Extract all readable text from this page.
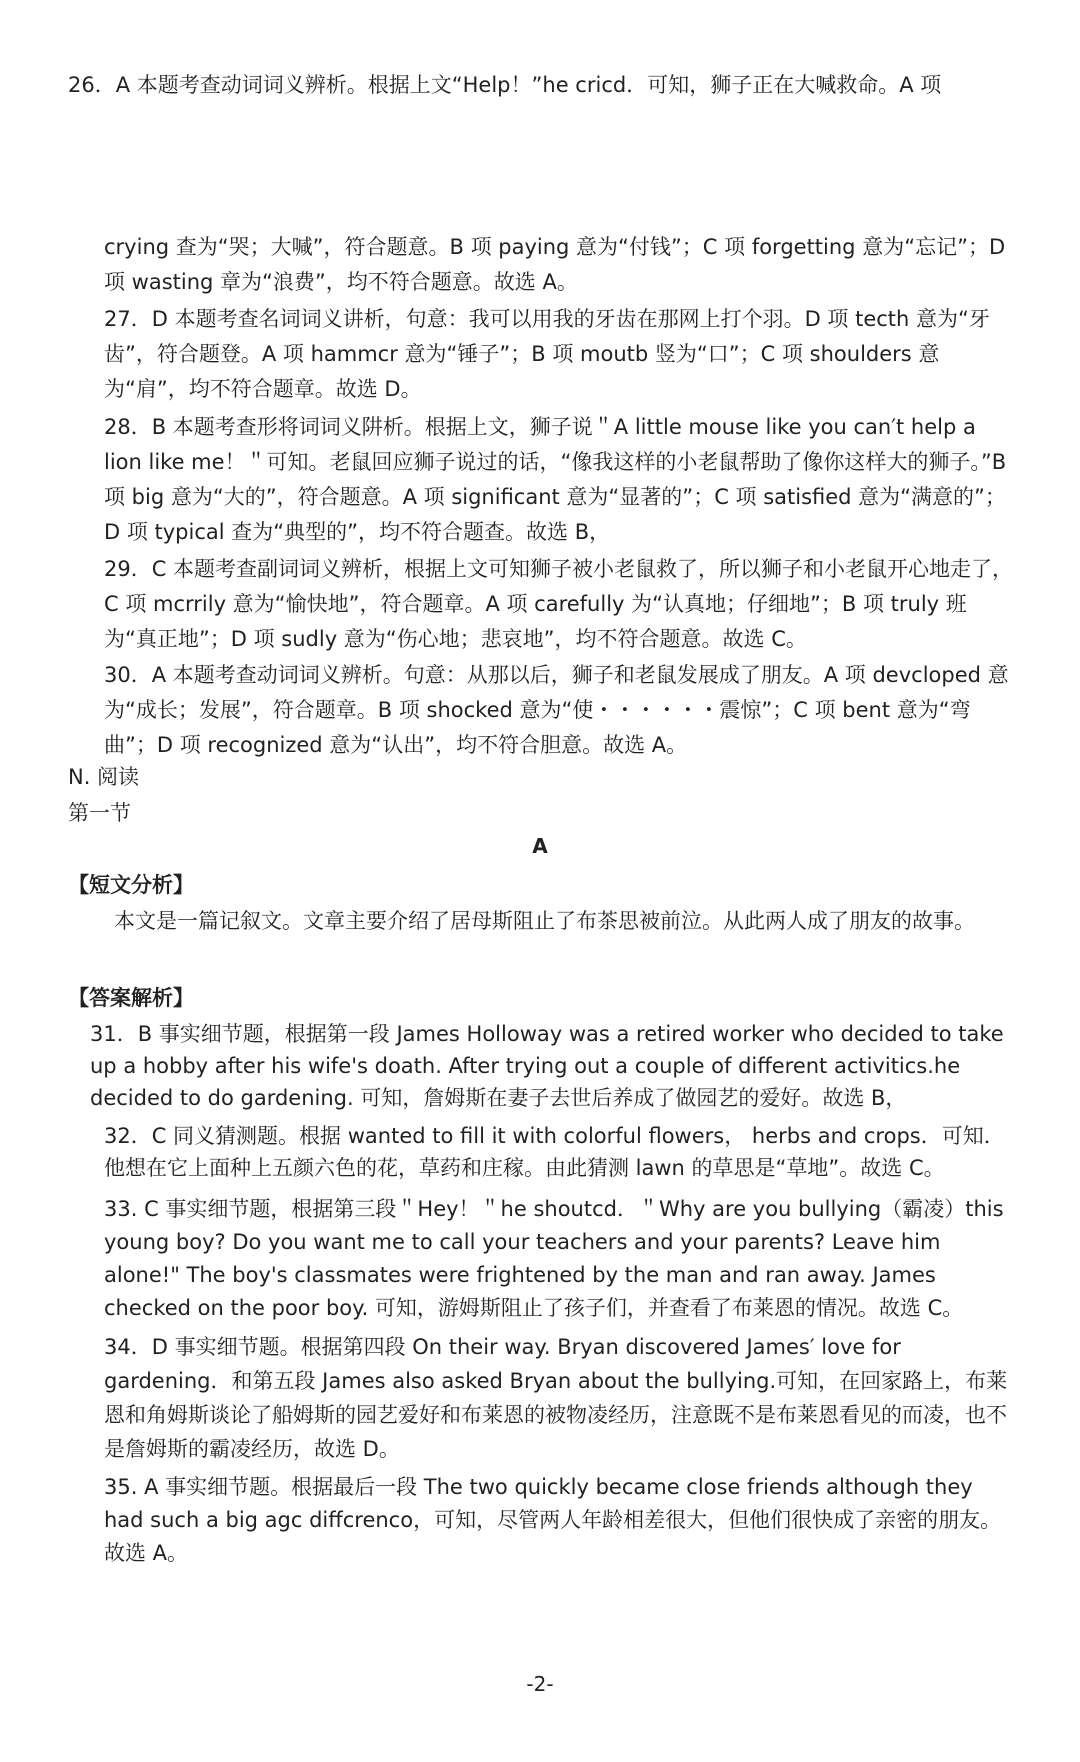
26．A 本题考查动词词义辨析。根据上文“Help！”he cricd．可知，狮子正在大喊救命。A 项

crying 查为“哭；大喊”，符合题意。B 项 paying 意为“付钱”；C 项 forgetting 意为“忘记”；D 项 wasting 章为“浪费”，均不符合题意。故选 A。

27．D 本题考查名词词义讲析，句意：我可以用我的牙齿在那网上打个羽。D 项 tecth 意为“牙齿”，符合题登。A 项 hammcr 意为“锤子”；B 项 moutb 竖为“口”；C 项 shoulders 意为“肩”，均不符合题章。故选 D。

28．B 本题考查形将词词义阱析。根据上文，狮子说＂A little mouse like you can′t help a lion like me！＂可知。老鼠回应狮子说过的话，“像我这样的小老鼠帮助了像你这样大的狮子。”B 项 big 意为“大的”，符合题意。A 项 significant 意为“显著的”；C 项 satisfied 意为“满意的”；D 项 typical 查为“典型的”，均不符合题查。故选 B，

29．C 本题考查副词词义辨析，根据上文可知狮子被小老鼠救了，所以狮子和小老鼠开心地走了，C 项 mcrrily 意为“愉快地”，符合题章。A 项 carefully 为“认真地；仔细地”；B 项 truly 班为“真正地”；D 项 sudly 意为“伤心地；悲哀地”，均不符合题意。故选 C。

30．A 本题考查动词词义辨析。句意：从那以后，狮子和老鼠发展成了朋友。A 项 devcloped 意为“成长；发展”，符合题章。B 项 shocked 意为“使・・・・・・震惊”；C 项 bent 意为“弯曲”；D 项 recognized 意为“认出”，均不符合胆意。故选 A。

N. 阅读
第一节
A
【短文分析】

本文是一篇记叙文。文章主要介绍了居母斯阻止了布茶思被前泣。从此两人成了朋友的故事。

【答案解析】

31．B 事实细节题，根据第一段 James Holloway was a retired worker who decided to take up a hobby after his wife's doath. After trying out a couple of different activitics.he decided to do gardening. 可知，詹姆斯在妻子去世后养成了做园艺的爱好。故选 B，

32．C 同义猜测题。根据 wanted to fill it with colorful flowers， herbs and crops．可知．他想在它上面种上五颜六色的花，草药和庄稼。由此猜测 lawn 的草思是“草地”。故选 C。

33. C 事实细节题，根据第三段＂Hey！＂he shoutcd．＂Why are you bullying（霸凌）this young boy? Do you want me to call your teachers and your parents? Leave him alone!" The boy's classmates were frightened by the man and ran away. James checked on the poor boy. 可知，游姆斯阻止了孩子们，并查看了布莱恩的情况。故选 C。

34．D 事实细节题。根据第四段 On their way. Bryan discovered James′ love for gardening．和第五段 James also asked Bryan about the bullying.可知，在回家路上，布莱恩和角姆斯谈论了船姆斯的园艺爱好和布莱恩的被物凌经历，注意既不是布莱恩看见的而凌，也不是詹姆斯的霸凌经历，故选 D。

35. A 事实细节题。根据最后一段 The two quickly became close friends although they had such a big agc diffcrenco，可知，尽管两人年龄相差很大，但他们很快成了亲密的朋友。故选 A。

-2-
